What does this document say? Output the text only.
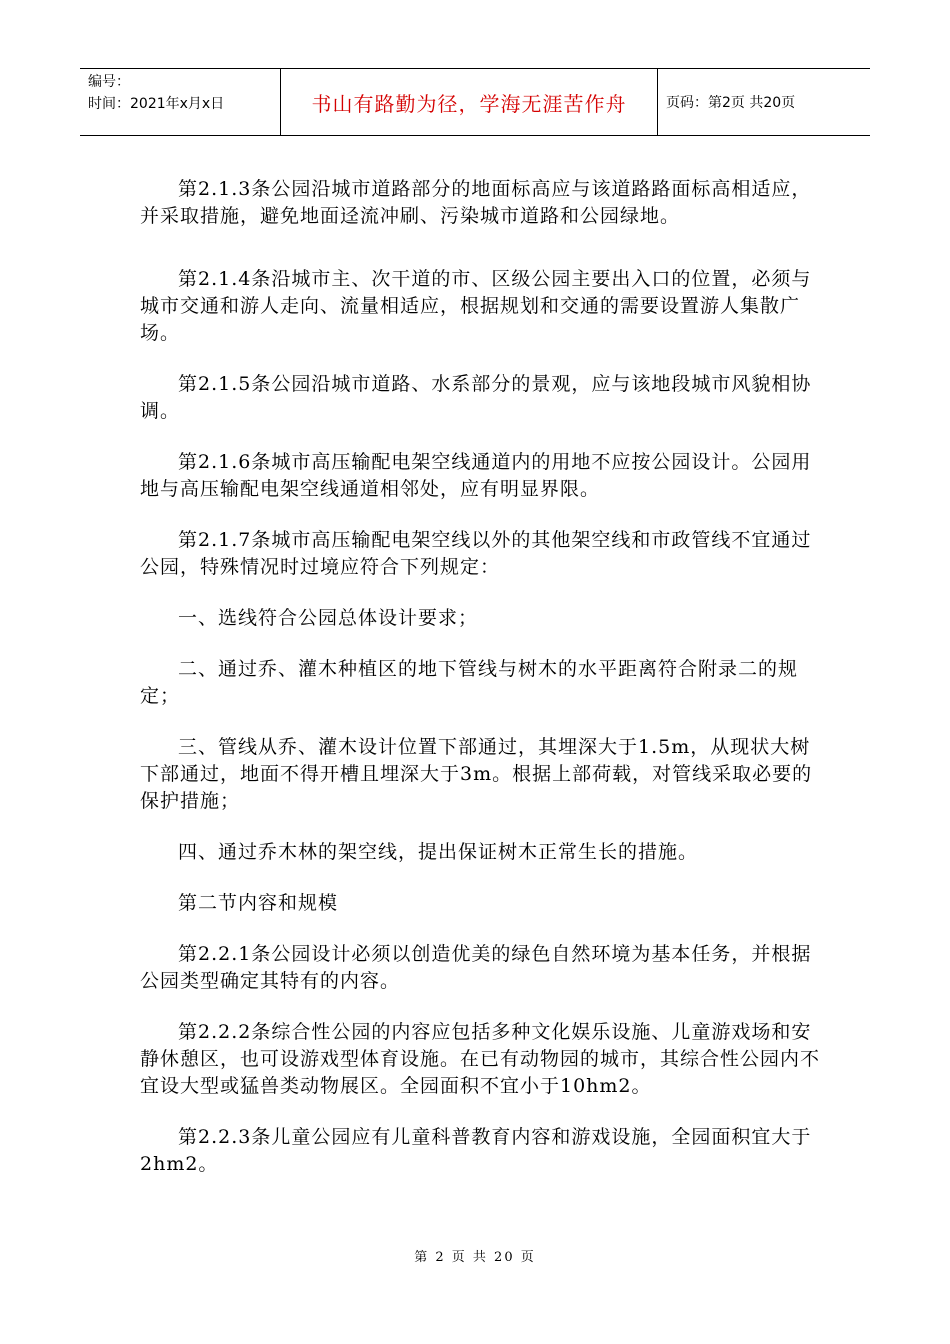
编号：
时间：2021年x月x日	书山有路勤为径，学海无涯苦作舟	页码：第2页 共20页

第2.1.3条公园沿城市道路部分的地面标高应与该道路路面标高相适应，并采取措施，避免地面迳流冲刷、污染城市道路和公园绿地。

第2.1.4条沿城市主、次干道的市、区级公园主要出入口的位置，必须与城市交通和游人走向、流量相适应，根据规划和交通的需要设置游人集散广场。

第2.1.5条公园沿城市道路、水系部分的景观，应与该地段城市风貌相协调。

第2.1.6条城市高压输配电架空线通道内的用地不应按公园设计。公园用地与高压输配电架空线通道相邻处，应有明显界限。

第2.1.7条城市高压输配电架空线以外的其他架空线和市政管线不宜通过公园，特殊情况时过境应符合下列规定：

一、选线符合公园总体设计要求；

二、通过乔、灌木种植区的地下管线与树木的水平距离符合附录二的规定；

三、管线从乔、灌木设计位置下部通过，其埋深大于1.5m，从现状大树下部通过，地面不得开槽且埋深大于3m。根据上部荷载，对管线采取必要的保护措施；

四、通过乔木林的架空线，提出保证树木正常生长的措施。

第二节内容和规模

第2.2.1条公园设计必须以创造优美的绿色自然环境为基本任务，并根据公园类型确定其特有的内容。

第2.2.2条综合性公园的内容应包括多种文化娱乐设施、儿童游戏场和安静休憩区，也可设游戏型体育设施。在已有动物园的城市，其综合性公园内不宜设大型或猛兽类动物展区。全园面积不宜小于10hm2。

第2.2.3条儿童公园应有儿童科普教育内容和游戏设施，全园面积宜大于2hm2。

第 2 页 共 20 页
